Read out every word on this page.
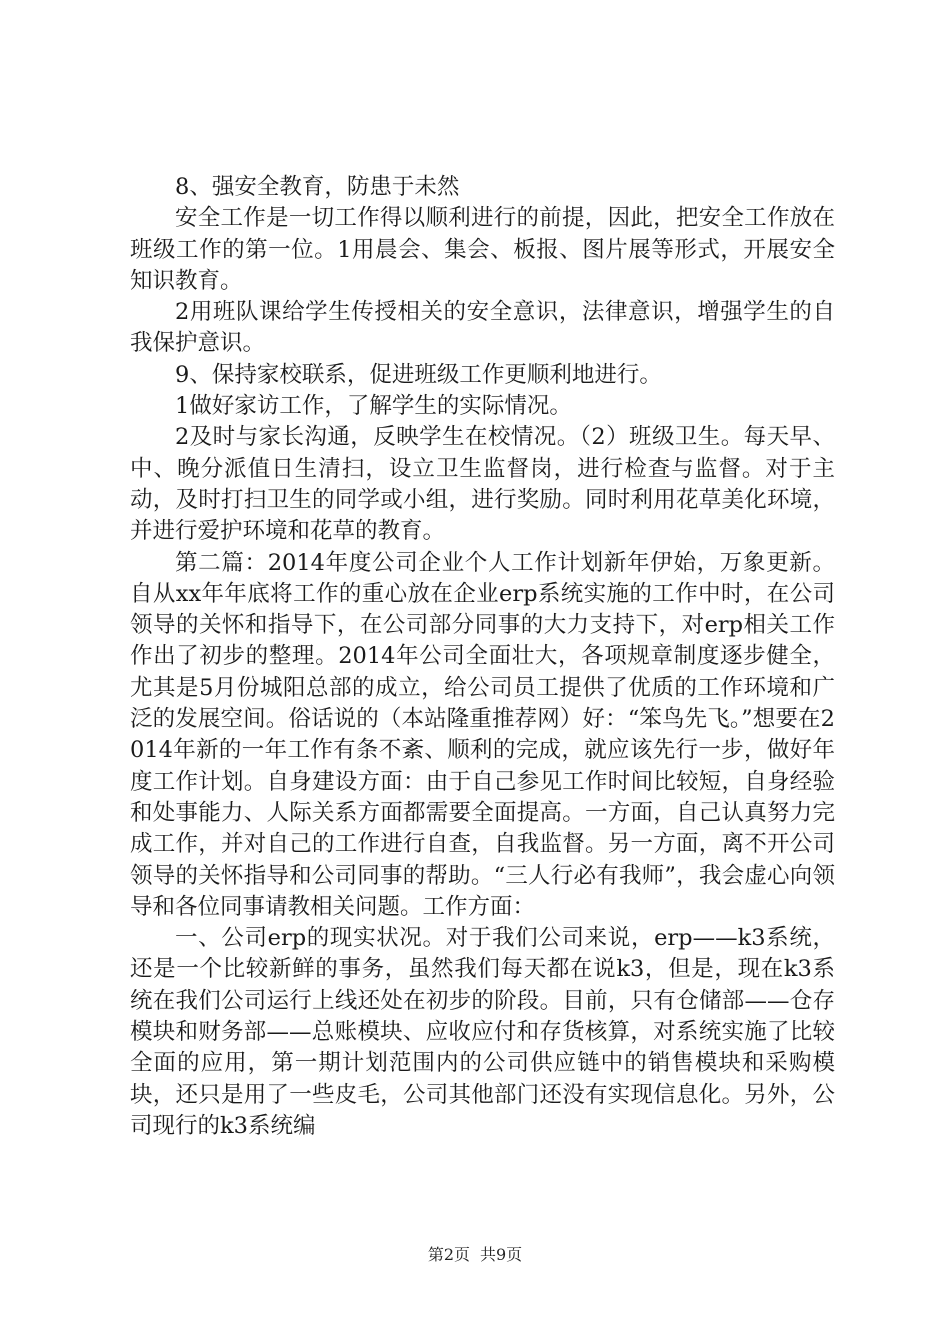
8、强安全教育，防患于未然

安全工作是一切工作得以顺利进行的前提，因此，把安全工作放在班级工作的第一位。1用晨会、集会、板报、图片展等形式，开展安全知识教育。

2用班队课给学生传授相关的安全意识，法律意识，增强学生的自我保护意识。

9、保持家校联系，促进班级工作更顺利地进行。

1做好家访工作，了解学生的实际情况。

2及时与家长沟通，反映学生在校情况。（2）班级卫生。每天早、中、晚分派值日生清扫，设立卫生监督岗，进行检查与监督。对于主动，及时打扫卫生的同学或小组，进行奖励。同时利用花草美化环境，并进行爱护环境和花草的教育。

第二篇：2014年度公司企业个人工作计划新年伊始，万象更新。自从xx年年底将工作的重心放在企业erp系统实施的工作中时，在公司领导的关怀和指导下，在公司部分同事的大力支持下，对erp相关工作作出了初步的整理。2014年公司全面壮大，各项规章制度逐步健全，尤其是5月份城阳总部的成立，给公司员工提供了优质的工作环境和广泛的发展空间。俗话说的（本站隆重推荐网）好：“笨鸟先飞。”想要在2014年新的一年工作有条不紊、顺利的完成，就应该先行一步，做好年度工作计划。自身建设方面：由于自己参见工作时间比较短，自身经验和处事能力、人际关系方面都需要全面提高。一方面，自己认真努力完成工作，并对自己的工作进行自查，自我监督。另一方面，离不开公司领导的关怀指导和公司同事的帮助。“三人行必有我师”，我会虚心向领导和各位同事请教相关问题。工作方面：

一、公司erp的现实状况。对于我们公司来说，erp——k3系统，还是一个比较新鲜的事务，虽然我们每天都在说k3，但是，现在k3系统在我们公司运行上线还处在初步的阶段。目前，只有仓储部——仓存模块和财务部——总账模块、应收应付和存货核算，对系统实施了比较全面的应用，第一期计划范围内的公司供应链中的销售模块和采购模块，还只是用了一些皮毛，公司其他部门还没有实现信息化。另外，公司现行的k3系统编

第2页 共9页
